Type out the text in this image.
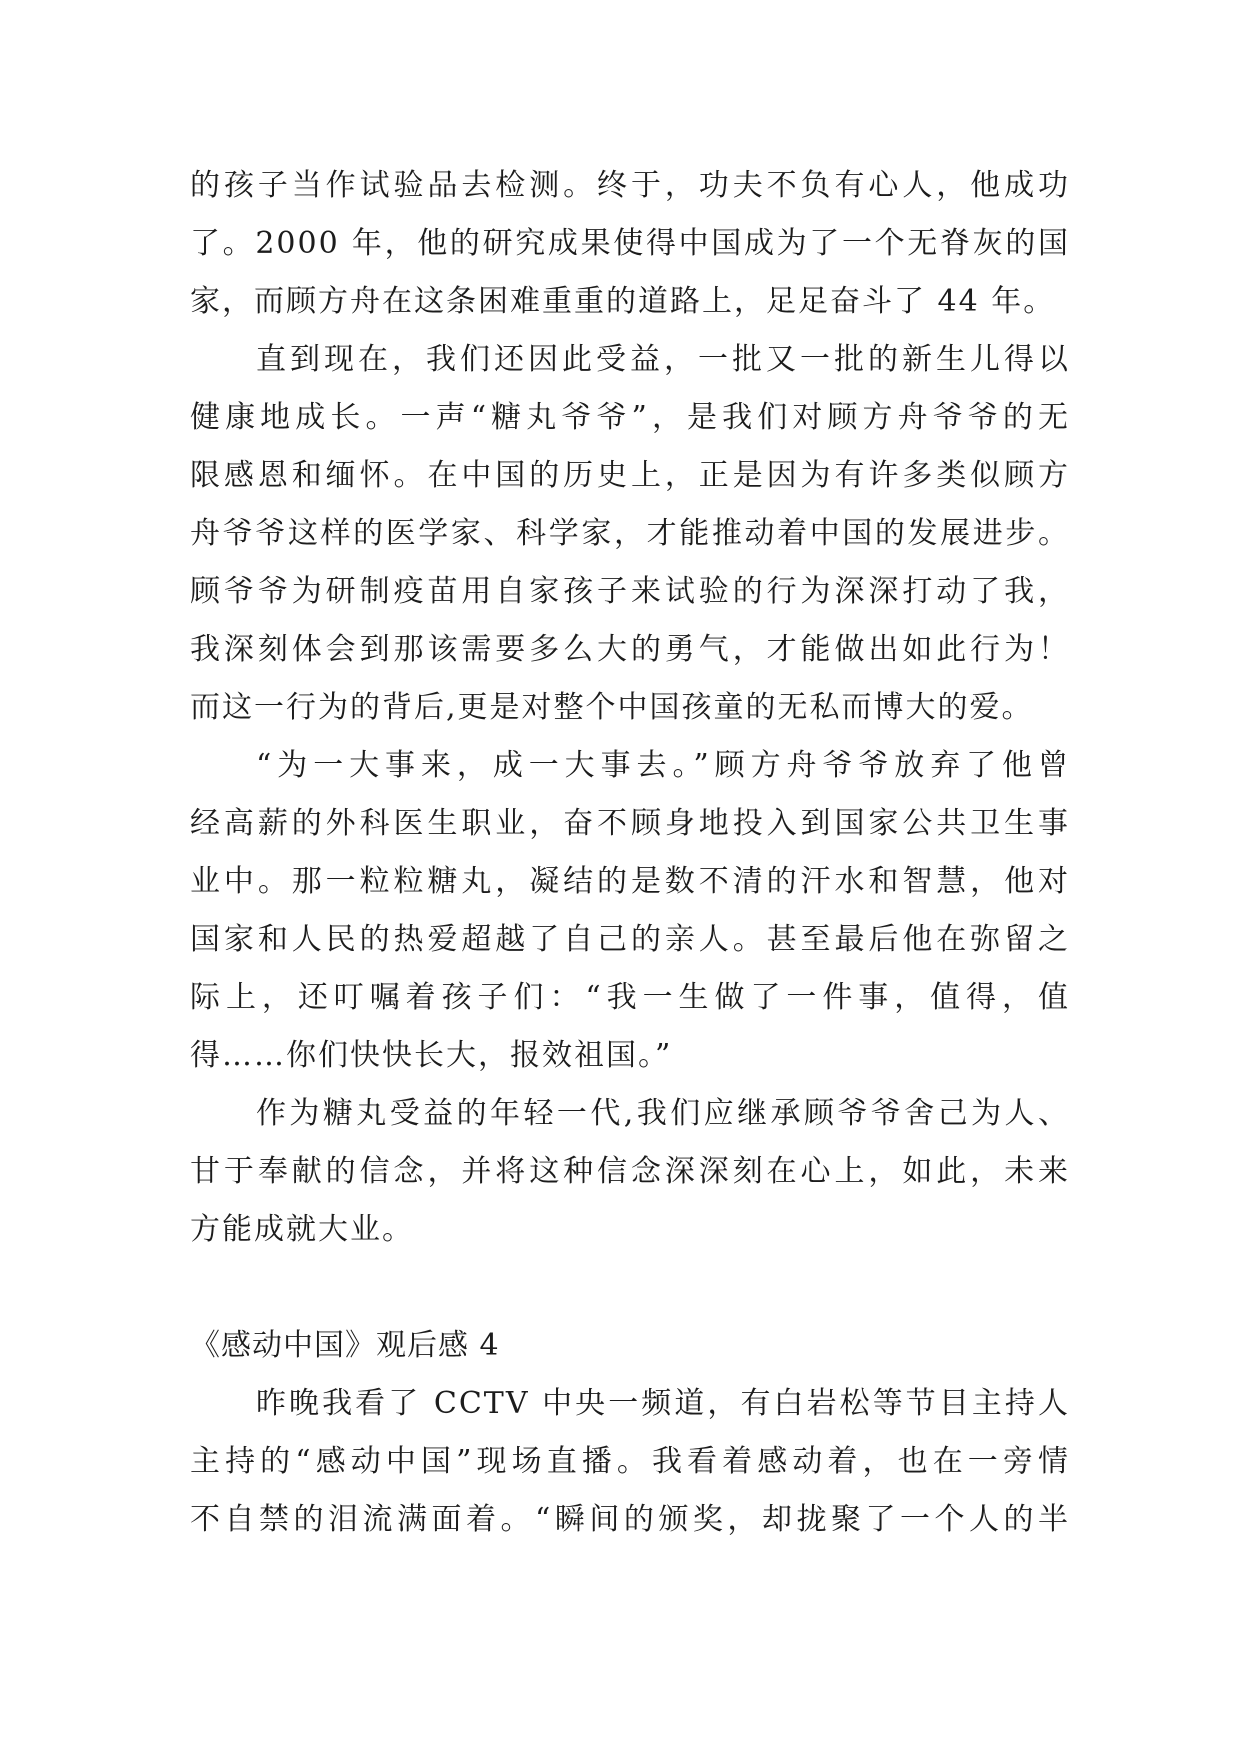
的孩子当作试验品去检测。终于，功夫不负有心人，他成功
了。2000 年，他的研究成果使得中国成为了一个无脊灰的国
家，而顾方舟在这条困难重重的道路上，足足奋斗了 44 年。
直到现在，我们还因此受益，一批又一批的新生儿得以
健康地成长。一声“糖丸爷爷”，是我们对顾方舟爷爷的无
限感恩和缅怀。在中国的历史上，正是因为有许多类似顾方
舟爷爷这样的医学家、科学家，才能推动着中国的发展进步。
顾爷爷为研制疫苗用自家孩子来试验的行为深深打动了我，
我深刻体会到那该需要多么大的勇气，才能做出如此行为！
而这一行为的背后,更是对整个中国孩童的无私而博大的爱。
“为一大事来，成一大事去。”顾方舟爷爷放弃了他曾
经高薪的外科医生职业，奋不顾身地投入到国家公共卫生事
业中。那一粒粒糖丸，凝结的是数不清的汗水和智慧，他对
国家和人民的热爱超越了自己的亲人。甚至最后他在弥留之
际上，还叮嘱着孩子们：“我一生做了一件事，值得，值
得……你们快快长大，报效祖国。”
作为糖丸受益的年轻一代,我们应继承顾爷爷舍己为人、
甘于奉献的信念，并将这种信念深深刻在心上，如此，未来
方能成就大业。
《感动中国》观后感 4
昨晚我看了 CCTV 中央一频道，有白岩松等节目主持人
主持的“感动中国”现场直播。我看着感动着，也在一旁情
不自禁的泪流满面着。“瞬间的颁奖，却拢聚了一个人的半
